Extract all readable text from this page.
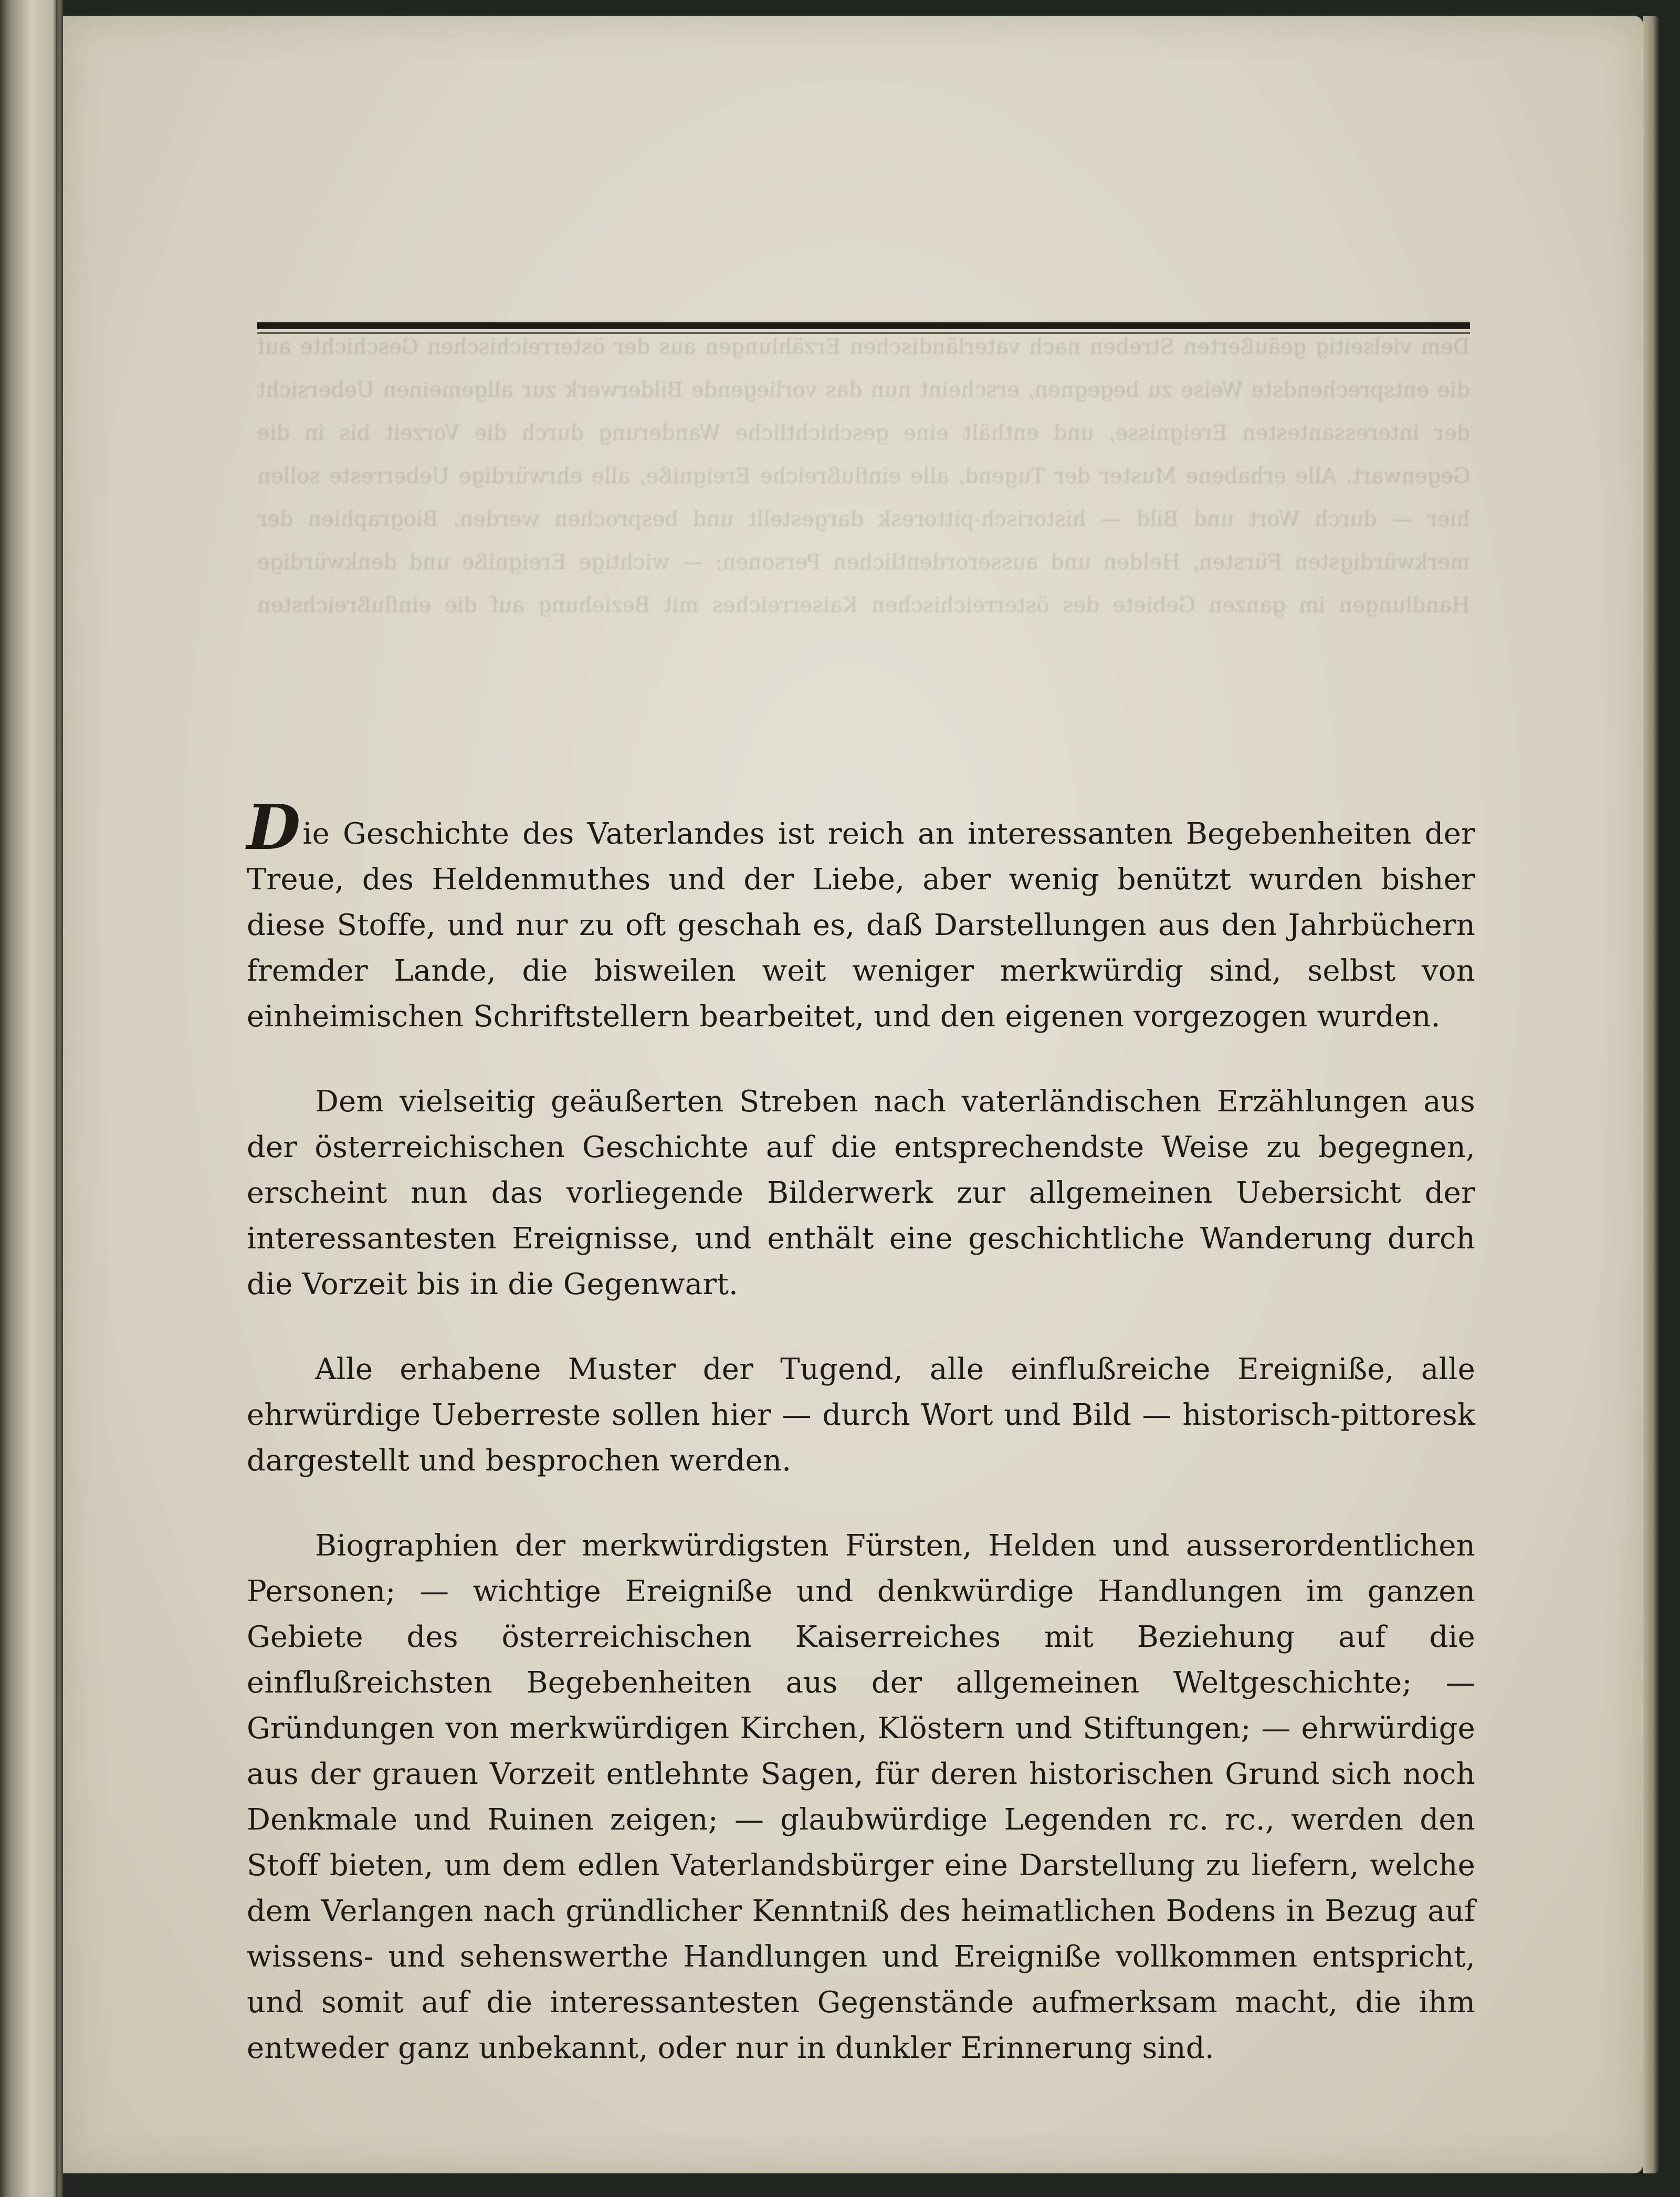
Dem vielseitig geäußerten Streben nach vaterländischen Erzählungen aus der österreichischen Geschichte auf die entsprechendste Weise zu begegnen, erscheint nun das vorliegende Bilderwerk zur allgemeinen Uebersicht der interessantesten Ereignisse, und enthält eine geschichtliche Wanderung durch die Vorzeit bis in die Gegenwart. Alle erhabene Muster der Tugend, alle einflußreiche Ereigniße, alle ehrwürdige Ueberreste sollen hier — durch Wort und Bild — historisch-pittoresk dargestellt und besprochen werden. Biographien der merkwürdigsten Fürsten, Helden und ausserordentlichen Personen; — wichtige Ereigniße und denkwürdige Handlungen im ganzen Gebiete des österreichischen Kaiserreiches mit Beziehung auf die einflußreichsten

Die Geschichte des Vaterlandes ist reich an interessanten Begebenheiten der Treue, des Heldenmuthes und der Liebe, aber wenig benützt wurden bisher diese Stoffe, und nur zu oft geschah es, daß Darstellungen aus den Jahrbüchern fremder Lande, die bisweilen weit weniger merkwürdig sind, selbst von einheimischen Schriftstellern bearbeitet, und den eigenen vorgezogen wurden.

Dem vielseitig geäußerten Streben nach vaterländischen Erzählungen aus der österreichischen Geschichte auf die entsprechendste Weise zu begegnen, erscheint nun das vorliegende Bilderwerk zur allgemeinen Uebersicht der interessantesten Ereignisse, und enthält eine geschichtliche Wanderung durch die Vorzeit bis in die Gegenwart.

Alle erhabene Muster der Tugend, alle einflußreiche Ereigniße, alle ehrwürdige Ueberreste sollen hier — durch Wort und Bild — historisch-pittoresk dargestellt und besprochen werden.

Biographien der merkwürdigsten Fürsten, Helden und ausserordentlichen Personen; — wichtige Ereigniße und denkwürdige Handlungen im ganzen Gebiete des österreichischen Kaiserreiches mit Beziehung auf die einflußreichsten Begebenheiten aus der allgemeinen Weltgeschichte; — Gründungen von merkwürdigen Kirchen, Klöstern und Stiftungen; — ehrwürdige aus der grauen Vorzeit entlehnte Sagen, für deren historischen Grund sich noch Denkmale und Ruinen zeigen; — glaubwürdige Legenden rc. rc., werden den Stoff bieten, um dem edlen Vaterlandsbürger eine Darstellung zu liefern, welche dem Verlangen nach gründlicher Kenntniß des heimatlichen Bodens in Bezug auf wissens- und sehenswerthe Handlungen und Ereigniße vollkommen entspricht, und somit auf die interessantesten Gegenstände aufmerksam macht, die ihm entweder ganz unbekannt, oder nur in dunkler Erinnerung sind.
